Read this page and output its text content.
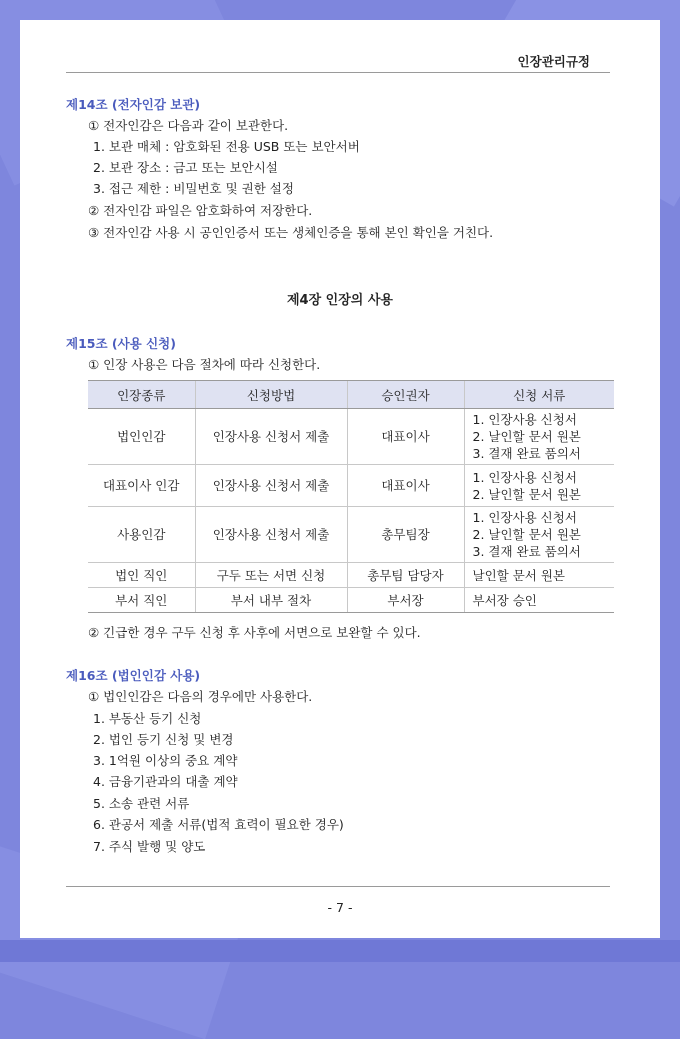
인장관리규정
제14조 (전자인감 보관)
① 전자인감은 다음과 같이 보관한다.
1. 보관 매체 : 암호화된 전용 USB 또는 보안서버
2. 보관 장소 : 금고 또는 보안시설
3. 접근 제한 : 비밀번호 및 권한 설정
② 전자인감 파일은 암호화하여 저장한다.
③ 전자인감 사용 시 공인인증서 또는 생체인증을 통해 본인 확인을 거친다.
제4장 인장의 사용
제15조 (사용 신청)
① 인장 사용은 다음 절차에 따라 신청한다.
인장종류	신청방법	승인권자	신청 서류
법인인감	인장사용 신청서 제출	대표이사	1. 인장사용 신청서
2. 날인할 문서 원본
3. 결재 완료 품의서

대표이사 인감	인장사용 신청서 제출	대표이사	1. 인장사용 신청서
2. 날인할 문서 원본

사용인감	인장사용 신청서 제출	총무팀장	1. 인장사용 신청서
2. 날인할 문서 원본
3. 결재 완료 품의서

법인 직인	구두 또는 서면 신청	총무팀 담당자	날인할 문서 원본

부서 직인	부서 내부 절차	부서장	부서장 승인
② 긴급한 경우 구두 신청 후 사후에 서면으로 보완할 수 있다.
제16조 (법인인감 사용)
① 법인인감은 다음의 경우에만 사용한다.
1. 부동산 등기 신청
2. 법인 등기 신청 및 변경
3. 1억원 이상의 중요 계약
4. 금융기관과의 대출 계약
5. 소송 관련 서류
6. 관공서 제출 서류(법적 효력이 필요한 경우)
7. 주식 발행 및 양도
- 7 -
